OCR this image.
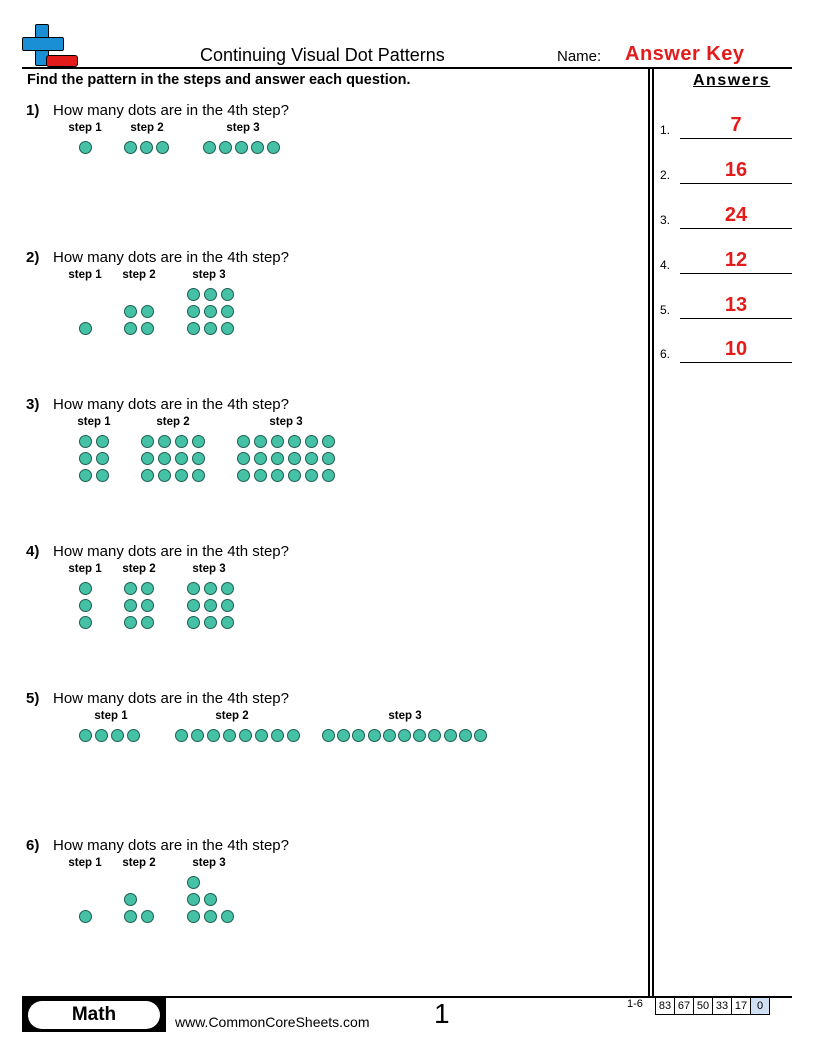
Continuing Visual Dot Patterns	Name: Answer Key
Find the pattern in the steps and answer each question.	Answers
1) How many dots are in the 4th step?
step 1	step 2	step 3
2) How many dots are in the 4th step?
step 1	step 2	step 3
3) How many dots are in the 4th step?
step 1	step 2	step 3
4) How many dots are in the 4th step?
step 1	step 2	step 3
5) How many dots are in the 4th step?
step 1	step 2	step 3
6) How many dots are in the 4th step?
step 1	step 2	step 3
1.	7
2.	16
3.	24
4.	12
5.	13
6.	10
Math	www.CommonCoreSheets.com 1	1-6	83 67 50 33 17 0
